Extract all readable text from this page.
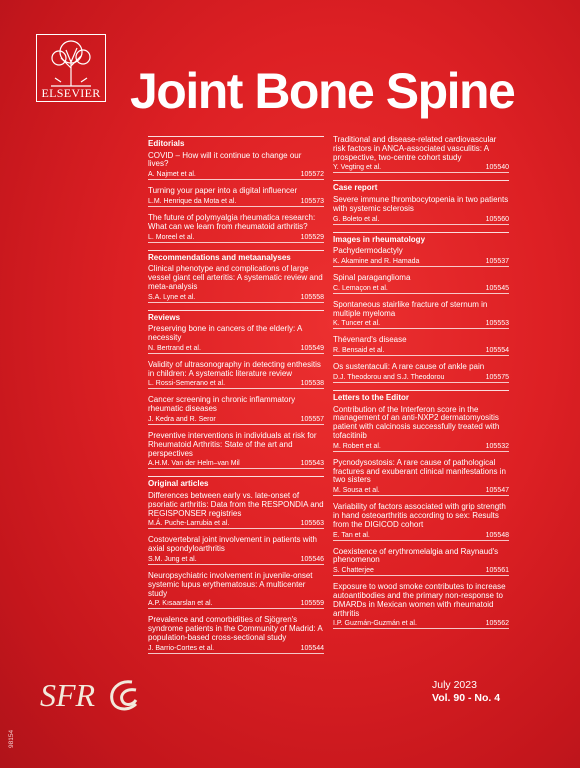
ELSEVIER Joint Bone Spine
Editorials
COVID – How will it continue to change our lives?
A. Najmet et al.	105572
Turning your paper into a digital influencer
L.M. Henrique da Mota et al.	105573
The future of polymyalgia rheumatica research: What can we learn from rheumatoid arthritis?
L. Moreel et al.	105529
Recommendations and metaanalyses
Clinical phenotype and complications of large vessel giant cell arteritis: A systematic review and meta-analysis
S.A. Lyne et al.	105558
Reviews
Preserving bone in cancers of the elderly: A necessity
N. Bertrand et al.	105549
Validity of ultrasonography in detecting enthesitis in children: A systematic literature review
L. Rossi-Semerano et al.	105538
Cancer screening in chronic inflammatory rheumatic diseases
J. Kedra and R. Seror	105557
Preventive interventions in individuals at risk for Rheumatoid Arthritis: State of the art and perspectives
A.H.M. Van der Helm–van Mil	105543
Original articles
Differences between early vs. late-onset of psoriatic arthritis: Data from the RESPONDIA and REGISPONSER registries
M.Á. Puche-Larrubia et al.	105563
Costovertebral joint involvement in patients with axial spondyloarthritis
S.M. Jung et al.	105546
Neuropsychiatric involvement in juvenile-onset systemic lupus erythematosus: A multicenter study
A.P. Kısaarslan et al.	105559
Prevalence and comorbidities of Sjögren's syndrome patients in the Community of Madrid: A population-based cross-sectional study
J. Barrio-Cortes et al.	105544
Traditional and disease-related cardiovascular risk factors in ANCA-associated vasculitis: A prospective, two-centre cohort study
Y. Vegting et al.	105540
Case report
Severe immune thrombocytopenia in two patients with systemic sclerosis
G. Boleto et al.	105560
Images in rheumatology
Pachydermodactyly
K. Akamine and R. Hamada	105537
Spinal paraganglioma
C. Lemaçon et al.	105545
Spontaneous stairlike fracture of sternum in multiple myeloma
K. Tuncer et al.	105553
Thévenard's disease
R. Bensaid et al.	105554
Os sustentaculi: A rare cause of ankle pain
D.J. Theodorou and S.J. Theodorou	105575
Letters to the Editor
Contribution of the Interferon score in the management of an anti-NXP2 dermatomyositis patient with calcinosis successfully treated with tofacitinib
M. Robert et al.	105532
Pycnodysostosis: A rare cause of pathological fractures and exuberant clinical manifestations in two sisters
M. Sousa et al.	105547
Variability of factors associated with grip strength in hand osteoarthritis according to sex: Results from the DIGICOD cohort
E. Tan et al.	105548
Coexistence of erythromelalgia and Raynaud's phenomenon
S. Chatterjee	105561
Exposure to wood smoke contributes to increase autoantibodies and the primary non-response to DMARDs in Mexican women with rheumatoid arthritis
I.P. Guzmán-Guzmán et al.	105562
SFR	July 2023
Vol. 90 - No. 4
98154
